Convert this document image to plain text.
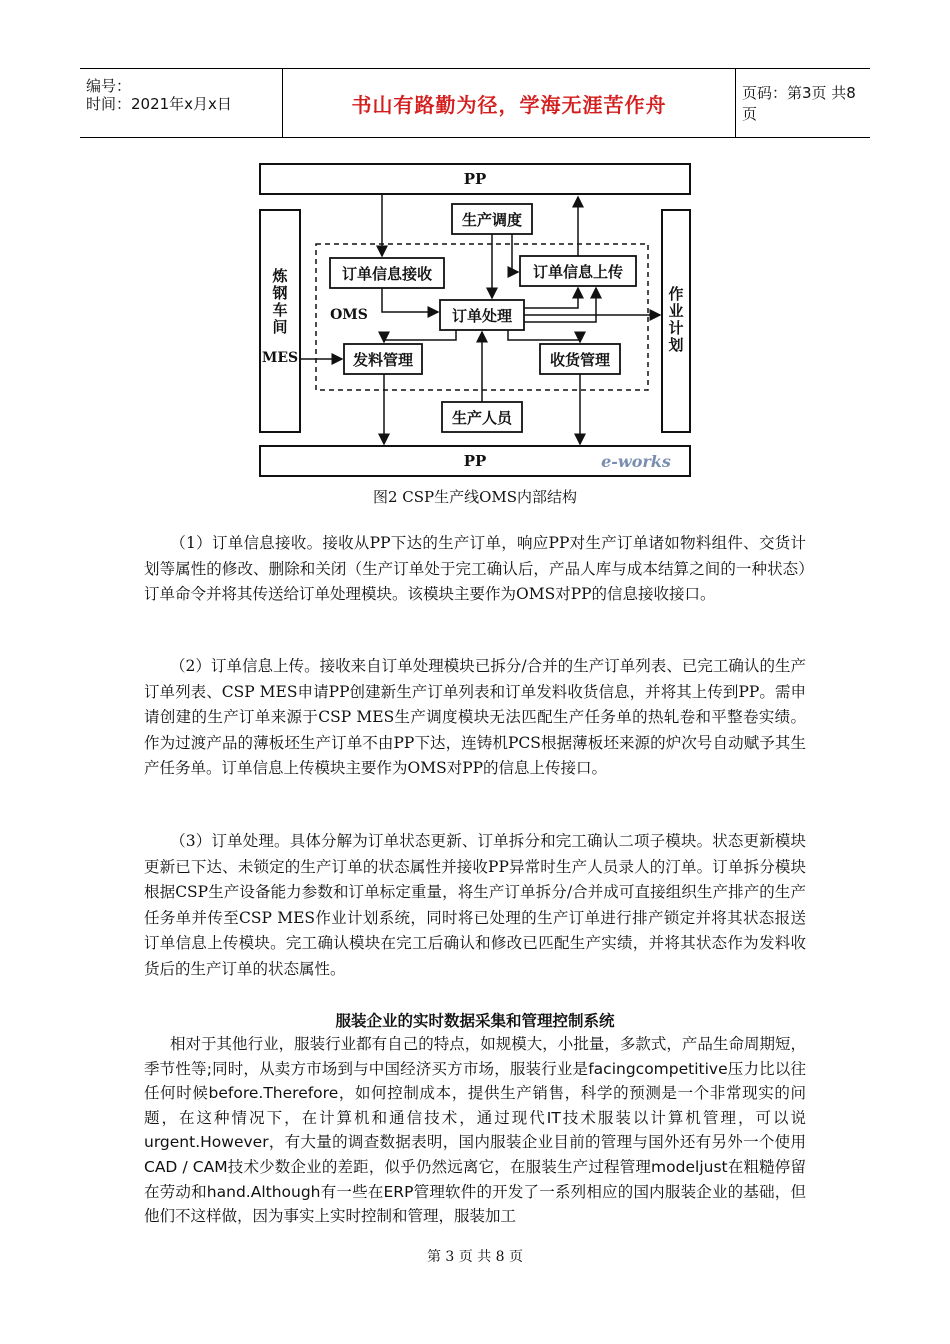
编号：
时间：2021年x月x日	书山有路勤为径，学海无涯苦作舟	页码：第3页 共8页
PP
PP
炼钢车间
MES
作业计划
OMS
生产调度
订单信息接收	订单信息上传
订单处理
发料管理	收货管理
生产人员
e-works
图2 CSP生产线OMS内部结构

（1）订单信息接收。接收从PP下达的生产订单，响应PP对生产订单诸如物料组件、交货计划等属性的修改、删除和关闭（生产订单处于完工确认后，产品人库与成本结算之间的一种状态）订单命令并将其传送给订单处理模块。该模块主要作为OMS对PP的信息接收接口。

（2）订单信息上传。接收来自订单处理模块已拆分/合并的生产订单列表、已完工确认的生产订单列表、CSP MES申请PP创建新生产订单列表和订单发料收货信息，并将其上传到PP。需申请创建的生产订单来源于CSP MES生产调度模块无法匹配生产任务单的热轧卷和平整卷实绩。作为过渡产品的薄板坯生产订单不由PP下达，连铸机PCS根据薄板坯来源的炉次号自动赋予其生产任务单。订单信息上传模块主要作为OMS对PP的信息上传接口。

（3）订单处理。具体分解为订单状态更新、订单拆分和完工确认二项子模块。状态更新模块更新已下达、未锁定的生产订单的状态属性并接收PP异常时生产人员录人的汀单。订单拆分模块根据CSP生产设备能力参数和订单标定重量，将生产订单拆分/合并成可直接组织生产排产的生产任务单并传至CSP MES作业计划系统，同时将已处理的生产订单进行排产锁定并将其状态报送订单信息上传模块。完工确认模块在完工后确认和修改已匹配生产实绩，并将其状态作为发料收货后的生产订单的状态属性。

服装企业的实时数据采集和管理控制系统

相对于其他行业，服装行业都有自己的特点，如规模大，小批量，多款式，产品生命周期短，季节性等;同时，从卖方市场到与中国经济买方市场，服装行业是facingcompetitive压力比以往任何时候before.Therefore，如何控制成本，提供生产销售，科学的预测是一个非常现实的问题，在这种情况下，在计算机和通信技术，通过现代IT技术服装以计算机管理，可以说urgent.However，有大量的调查数据表明，国内服装企业目前的管理与国外还有另外一个使用CAD / CAM技术少数企业的差距，似乎仍然远离它，在服装生产过程管理modeljust在粗糙停留在劳动和hand.Although有一些在ERP管理软件的开发了一系列相应的国内服装企业的基础，但他们不这样做，因为事实上实时控制和管理，服装加工

第 3 页 共 8 页
